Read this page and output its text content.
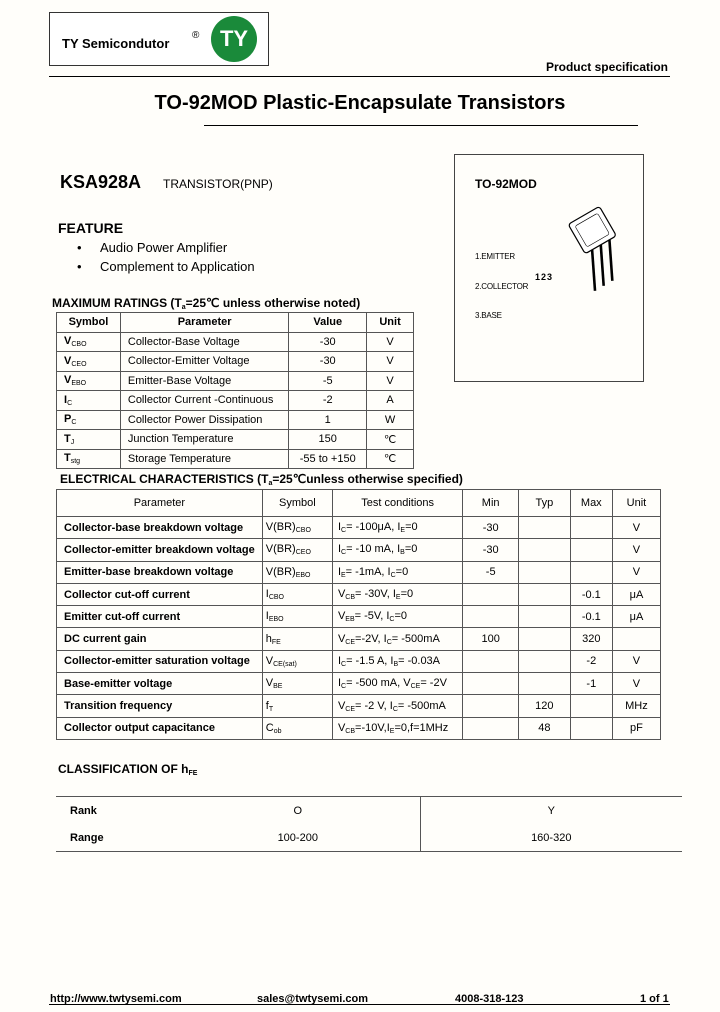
TY Semicondutor
® TY
Product specification
TO-92MOD Plastic-Encapsulate Transistors
KSA928A TRANSISTOR(PNP)	TO-92MOD
1.EMITTER
2.COLLECTOR
3.BASE
123
FEATURE
• Audio Power Amplifier
• Complement to Application
MAXIMUM RATINGS ($T_a=25℃$ unless otherwise noted)
Symbol	Parameter	Value	Unit
$V_{CBO}$	Collector-Base Voltage	-30	V
$V_{CEO}$	Collector-Emitter Voltage	-30	V
$V_{EBO}$	Emitter-Base Voltage	-5	V
$I_C$	Collector Current -Continuous	-2	A
$P_C$	Collector Power Dissipation	1	W
$T_J$	Junction Temperature	150	℃
$T_{stg}$	Storage Temperature	-55 to +150	℃
ELECTRICAL CHARACTERISTICS ($T_a=25℃unless$ otherwise specified)
Parameter	Symbol	Test conditions	Min	Typ	Max	Unit
Collector-base breakdown voltage	$V(BR)_{CBO}$	$I_C= -100\mu A$, $I_E=0$	-30			V
Collector-emitter breakdown voltage	$V(BR)_{CEO}$	$I_C= -10$ mA, $I_B=0$	-30			V
Emitter-base breakdown voltage	$V(BR)_{EBO}$	$I_E= -1mA$, $I_C=0$	-5			V
Collector cut-off current	$I_{CBO}$	$V_{CB}= -30V$, $I_E=0$			-0.1	μA
Emitter cut-off current	$I_{EBO}$	$V_{EB}= -5V$, $I_C=0$			-0.1	μA
DC current gain	$h_{FE}$	$V_{CE}=-2V$, $I_C= -500mA$	100		320	
Collector-emitter saturation voltage	$V_{CE(sat)}$	$I_C= -1.5$ A, $I_B= -0.03A$			-2	V
Base-emitter voltage	$V_{BE}$	$I_C= -500$ mA, $V_{CE}= -2V$			-1	V
Transition frequency	$f_T$	$V_{CE}= -2$ V, $I_C= -500mA$		120		MHz
Collector output capacitance	$C_{ob}$	$V_{CB}=-10V,I_E=0,f=1MHz$		48		pF
CLASSIFICATION OF $h_{FE}$
Rank	O	Y
Range	100-200	160-320
http://www.twtysemi.com	sales@twtysemi.com	4008-318-123	1 of 1
